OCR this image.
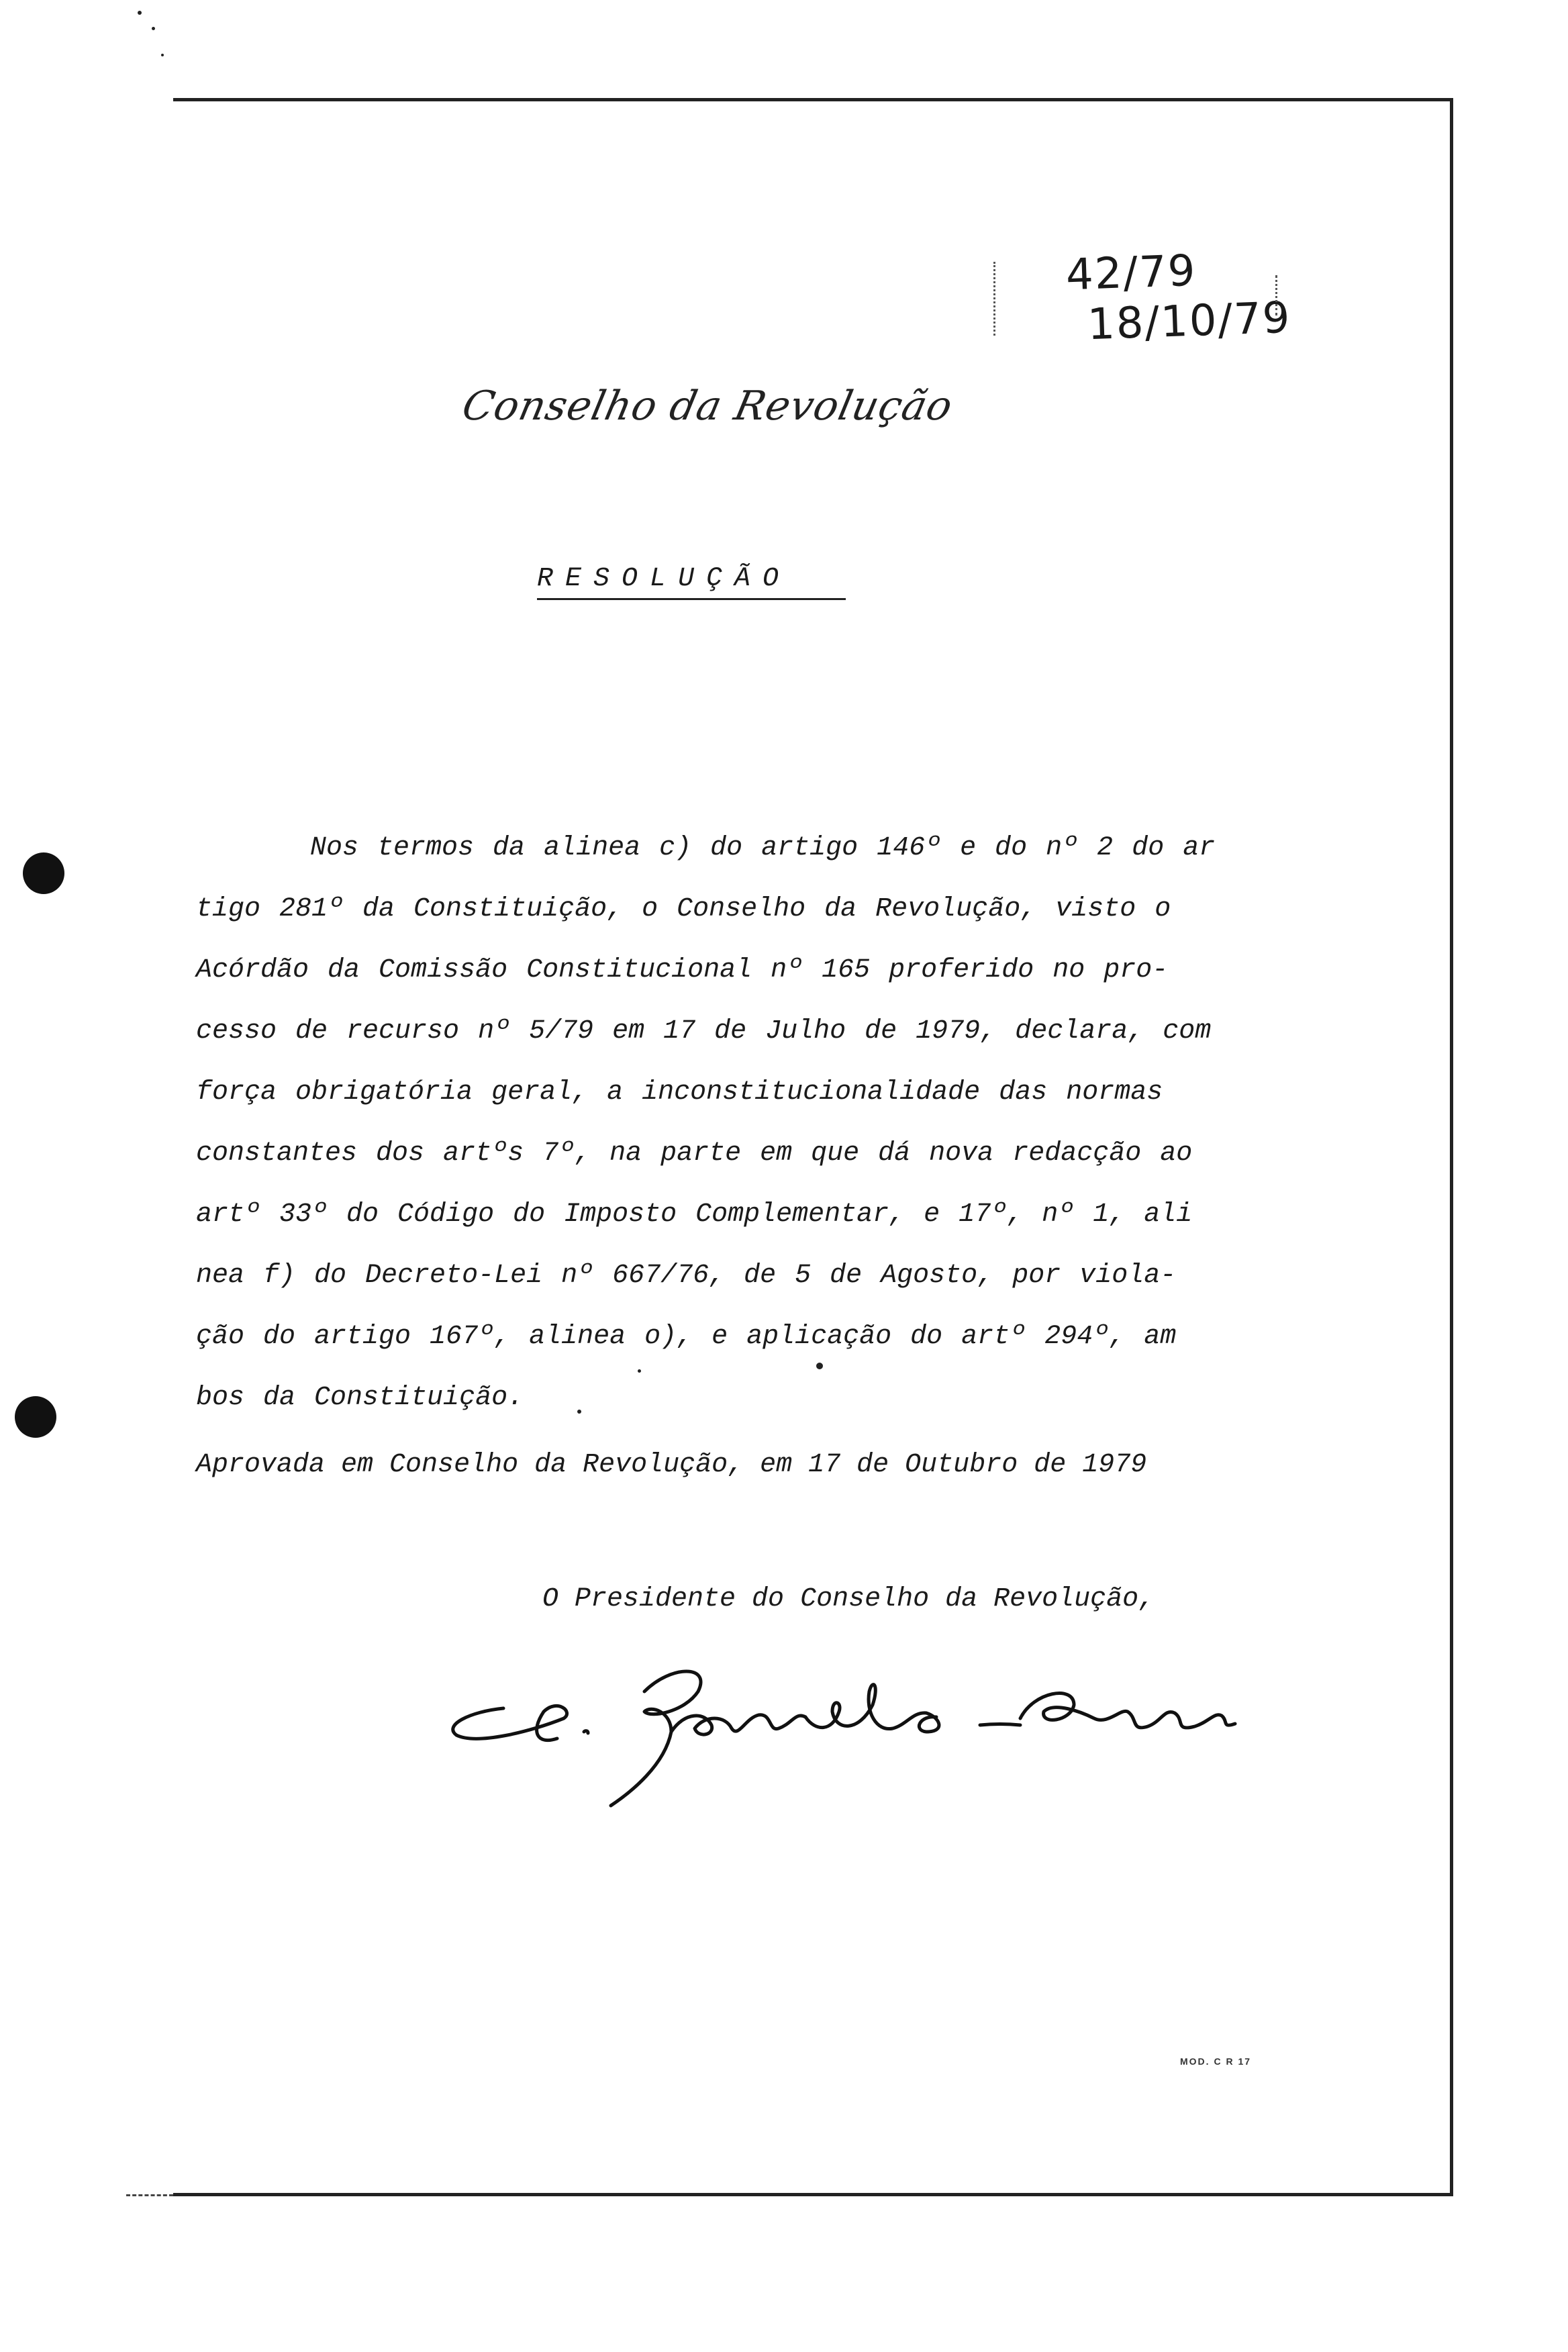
42/79
18/10/79
Conselho da Revolução
RESOLUÇÃO
Nos termos da alinea c) do artigo 146º e do nº 2 do ar
tigo 281º da Constituição, o Conselho da Revolução, visto o
Acórdão da Comissão Constitucional nº 165 proferido no pro-
cesso de recurso nº 5/79 em 17 de Julho de 1979, declara, com
força obrigatória geral, a inconstitucionalidade das normas
constantes dos artºs 7º, na parte em que dá nova redacção ao
artº 33º do Código do Imposto Complementar, e 17º, nº 1, ali
nea f) do Decreto-Lei nº 667/76, de 5 de Agosto, por viola-
ção do artigo 167º, alinea o), e aplicação do artº 294º, am
bos da Constituição.
Aprovada em Conselho da Revolução, em 17 de Outubro de 1979
O Presidente do Conselho da Revolução,
MOD. C R 17
